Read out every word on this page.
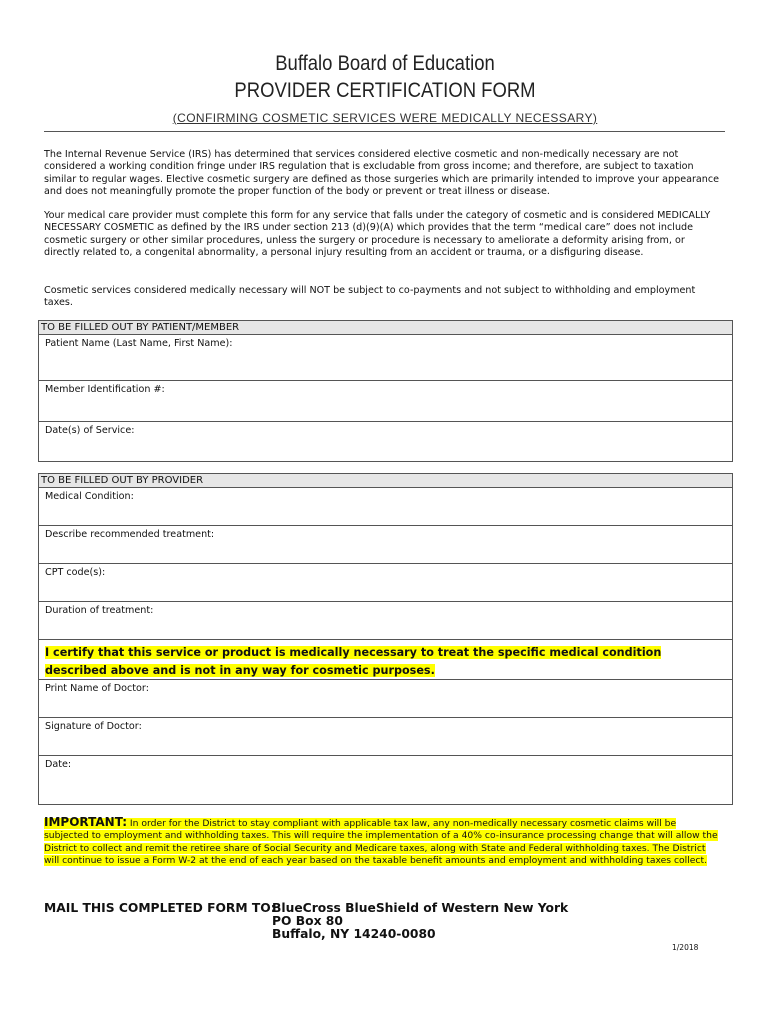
Buffalo Board of Education
PROVIDER CERTIFICATION FORM
(CONFIRMING COSMETIC SERVICES WERE MEDICALLY NECESSARY)
The Internal Revenue Service (IRS) has determined that services considered elective cosmetic and non-medically necessary are not considered a working condition fringe under IRS regulation that is excludable from gross income; and therefore, are subject to taxation similar to regular wages. Elective cosmetic surgery are defined as those surgeries which are primarily intended to improve your appearance and does not meaningfully promote the proper function of the body or prevent or treat illness or disease.
Your medical care provider must complete this form for any service that falls under the category of cosmetic and is considered MEDICALLY NECESSARY COSMETIC as defined by the IRS under section 213 (d)(9)(A) which provides that the term “medical care” does not include cosmetic surgery or other similar procedures, unless the surgery or procedure is necessary to ameliorate a deformity arising from, or directly related to, a congenital abnormality, a personal injury resulting from an accident or trauma, or a disfiguring disease.
Cosmetic services considered medically necessary will NOT be subject to co-payments and not subject to withholding and employment taxes.
TO BE FILLED OUT BY PATIENT/MEMBER
Patient Name (Last Name, First Name):
Member Identification #:
Date(s) of Service:
TO BE FILLED OUT BY PROVIDER
Medical Condition:
Describe recommended treatment:
CPT code(s):
Duration of treatment:
I certify that this service or product is medically necessary to treat the specific medical condition described above and is not in any way for cosmetic purposes.
Print Name of Doctor:
Signature of Doctor:
Date:
IMPORTANT: In order for the District to stay compliant with applicable tax law, any non-medically necessary cosmetic claims will be subjected to employment and withholding taxes. This will require the implementation of a 40% co-insurance processing change that will allow the District to collect and remit the retiree share of Social Security and Medicare taxes, along with State and Federal withholding taxes. The District will continue to issue a Form W-2 at the end of each year based on the taxable benefit amounts and employment and withholding taxes collect.
MAIL THIS COMPLETED FORM TO:
BlueCross BlueShield of Western New York
PO Box 80
Buffalo, NY 14240-0080
1/2018
